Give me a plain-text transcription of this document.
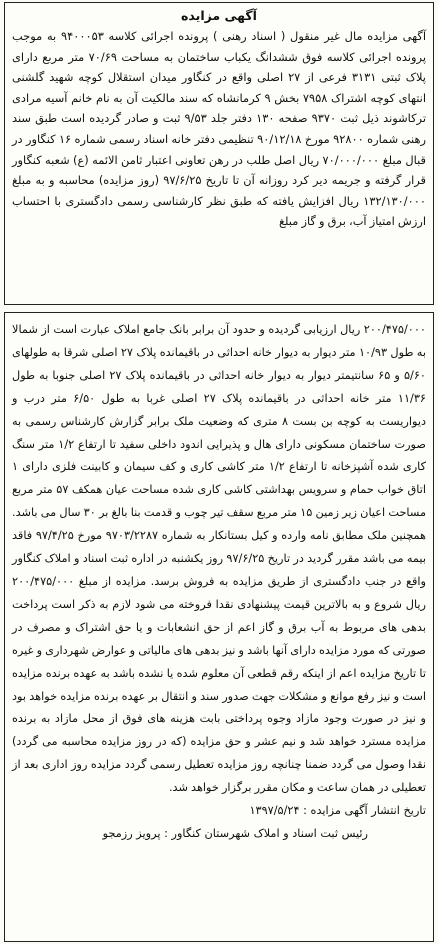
آگهی مزایده

آگهی مزایده مال غیر منقول ( اسناد رهنی ) پرونده اجرائی کلاسه ۹۴۰۰۰۵۳ به موجب پرونده اجرائی کلاسه فوق ششدانگ یکباب ساختمان به مساحت ۷۰/۶۹ متر مربع دارای پلاک ثبتی ۳۱۳۱ فرعی از ۲۷ اصلی واقع در کنگاور میدان استقلال کوچه شهید گلشنی انتهای کوچه اشتراک ۷۹۵۸ بخش ۹ کرمانشاه که سند مالکیت آن به نام خانم آسیه مرادی ترکاشوند ذیل ثبت ۹۳۷۰ صفحه ۱۳۰ دفتر جلد ۹/۵۳ ثبت و صادر گردیده است طبق سند رهنی شماره ۹۲۸۰۰ مورخ ۹۰/۱۲/۱۸ تنظیمی دفتر خانه اسناد رسمی شماره ۱۶ کنگاور در قبال مبلغ ۷۰/۰۰۰/۰۰۰ ریال اصل طلب در رهن تعاونی اعتبار ثامن الائمه (ع) شعبه کنگاور قرار گرفته و جریمه دیر کرد روزانه آن تا تاریخ ۹۷/۶/۲۵ (روز مزایده) محاسبه و به مبلغ ۱۳۲/۱۳۰/۰۰۰ ریال افزایش یافته که طبق نظر کارشناسی رسمی دادگستری با احتساب ارزش امتیاز آب، برق و گاز مبلغ

۲۰۰/۴۷۵/۰۰۰ ریال ارزیابی گردیده و حدود آن برابر بانک جامع املاک عبارت است از شمالا به طول ۱۰/۹۳ متر دیوار به دیوار خانه احداثی در باقیمانده پلاک ۲۷ اصلی شرقا به طولهای ۵/۶۰ و ۶۵ سانتیمتر دیوار به دیوار خانه احداثی در باقیمانده پلاک ۲۷ اصلی جنوبا به طول ۱۱/۳۶ متر خانه احداثی در باقیمانده پلاک ۲۷ اصلی غربا به طول ۶/۵۰ متر درب و دیواریست به کوچه بن بست ۸ متری که وضعیت ملک برابر گزارش کارشناس رسمی به صورت ساختمان مسکونی دارای هال و پذیرایی اندود داخلی سفید تا ارتفاع ۱/۲ متر سنگ کاری شده آشپزخانه تا ارتفاع ۱/۲ متر کاشی کاری و کف سیمان و کابینت فلزی دارای ۱ اتاق خواب حمام و سرویس بهداشتی کاشی کاری شده مساحت عیان همکف ۵۷ متر مربع مساحت اعیان زیر زمین ۱۵ متر مربع سقف تیر چوب و قدمت بنا بالغ بر ۳۰ سال می باشد. همچنین ملک مطابق نامه وارده و کیل بستانکار به شماره ۹۷۰۳/۲۲۸۷ مورخ ۹۷/۴/۲۵ فاقد بیمه می باشد مقرر گردید در تاریخ ۹۷/۶/۲۵ روز یکشنبه در اداره ثبت اسناد و املاک کنگاور واقع در جنب دادگستری از طریق مزایده به فروش برسد. مزایده از مبلغ ۲۰۰/۴۷۵/۰۰۰ ریال شروع و به بالاترین قیمت پیشنهادی نقدا فروخته می شود لازم به ذکر است پرداخت بدهی های مربوط به آب برق و گاز اعم از حق انشعابات و یا حق اشتراک و مصرف در صورتی که مورد مزایده دارای آنها باشد و نیز بدهی های مالیاتی و عوارض شهرداری و غیره تا تاریخ مزایده اعم از اینکه رقم قطعی آن معلوم شده یا نشده باشد به عهده برنده مزایده است و نیز رفع موانع و مشکلات جهت صدور سند و انتقال بر عهده برنده مزایده خواهد بود و نیز در صورت وجود مازاد وجوه پرداختی بابت هزینه های فوق از محل مازاد به برنده مزایده مسترد خواهد شد و نیم عشر و حق مزایده (که در روز مزایده محاسبه می گردد) نقدا وصول می گردد ضمنا چنانچه روز مزایده تعطیل رسمی گردد مزایده روز اداری بعد از تعطیلی در همان ساعت و مکان مقرر برگزار خواهد شد.

تاریخ انتشار آگهی مزایده : ۱۳۹۷/۵/۲۴

رئیس ثبت اسناد و املاک شهرستان کنگاور : پرویز رزمجو
